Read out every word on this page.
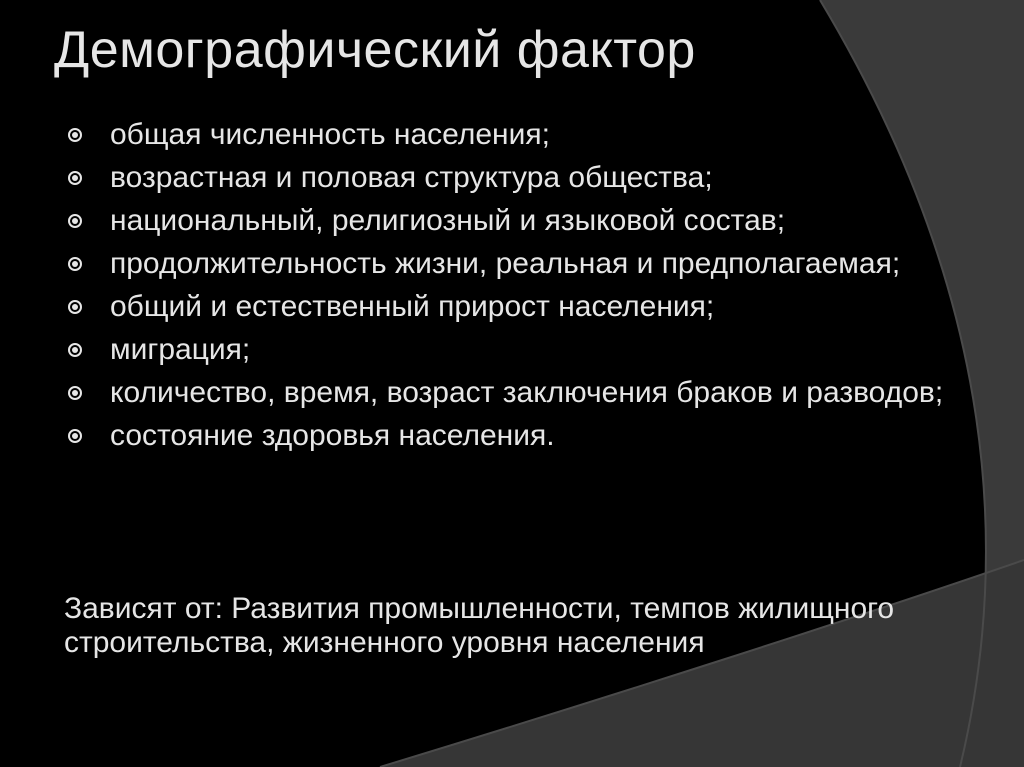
Демографический фактор
общая численность населения;
возрастная и половая структура общества;
национальный, религиозный и языковой состав;
продолжительность жизни, реальная и предполагаемая;
общий и естественный прирост населения;
миграция;
количество, время, возраст заключения браков и разводов;
состояние здоровья населения.

Зависят от: Развития промышленности, темпов жилищного строительства, жизненного уровня населения
